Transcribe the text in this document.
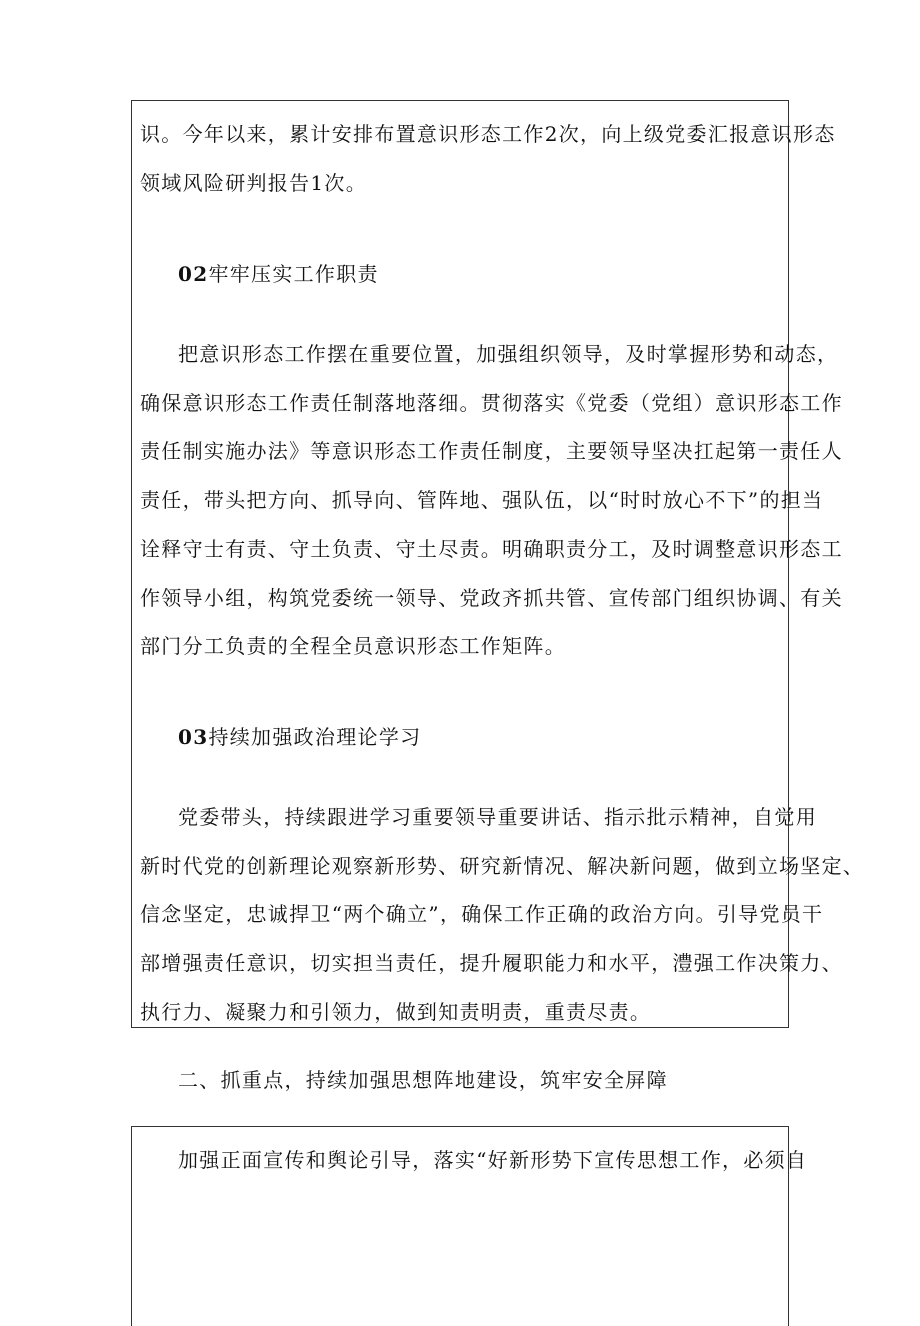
识。今年以来，累计安排布置意识形态工作2次，向上级党委汇报意识形态
领域风险研判报告1次。
02牢牢压实工作职责
把意识形态工作摆在重要位置，加强组织领导，及时掌握形势和动态，
确保意识形态工作责任制落地落细。贯彻落实《党委（党组）意识形态工作
责任制实施办法》等意识形态工作责任制度，主要领导坚决扛起第一责任人
责任，带头把方向、抓导向、管阵地、强队伍，以“时时放心不下”的担当
诠释守士有责、守土负责、守土尽责。明确职责分工，及时调整意识形态工
作领导小组，构筑党委统一领导、党政齐抓共管、宣传部门组织协调、有关
部门分工负责的全程全员意识形态工作矩阵。
03持续加强政治理论学习
党委带头，持续跟进学习重要领导重要讲话、指示批示精神，自觉用
新时代党的创新理论观察新形势、研究新情况、解决新问题，做到立场坚定、
信念坚定，忠诚捍卫“两个确立”，确保工作正确的政治方向。引导党员干
部增强责任意识，切实担当责任，提升履职能力和水平，澧强工作决策力、
执行力、凝聚力和引领力，做到知责明责，重责尽责。
二、抓重点，持续加强思想阵地建设，筑牢安全屏障
加强正面宣传和舆论引导，落实“好新形势下宣传思想工作，必须自
